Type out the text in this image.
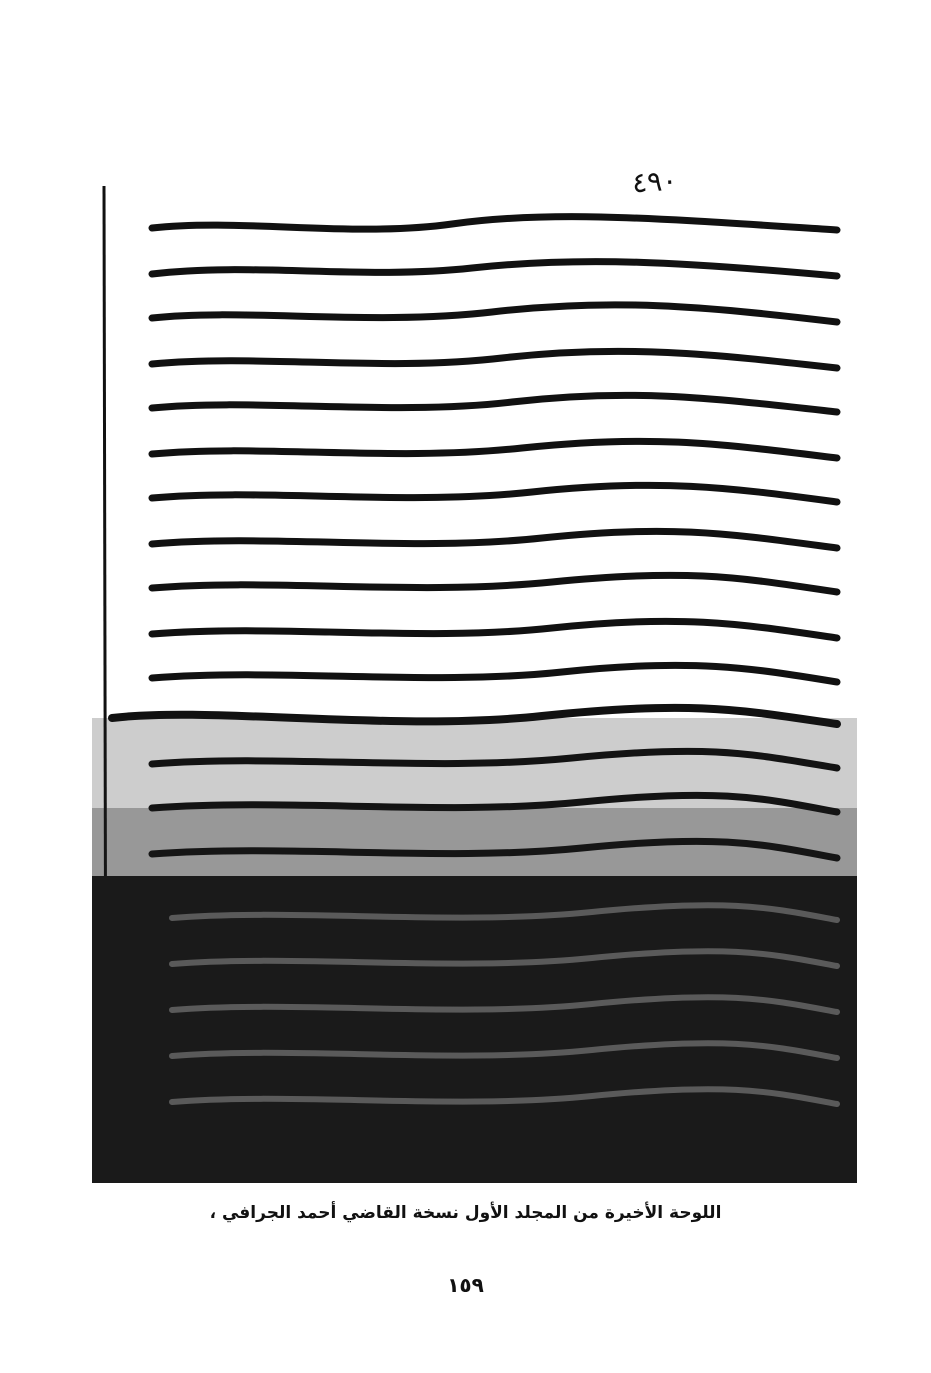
٤٩٠
اللوحة الأخيرة من المجلد الأول نسخة القاضي أحمد الجرافي ،
١٥٩
